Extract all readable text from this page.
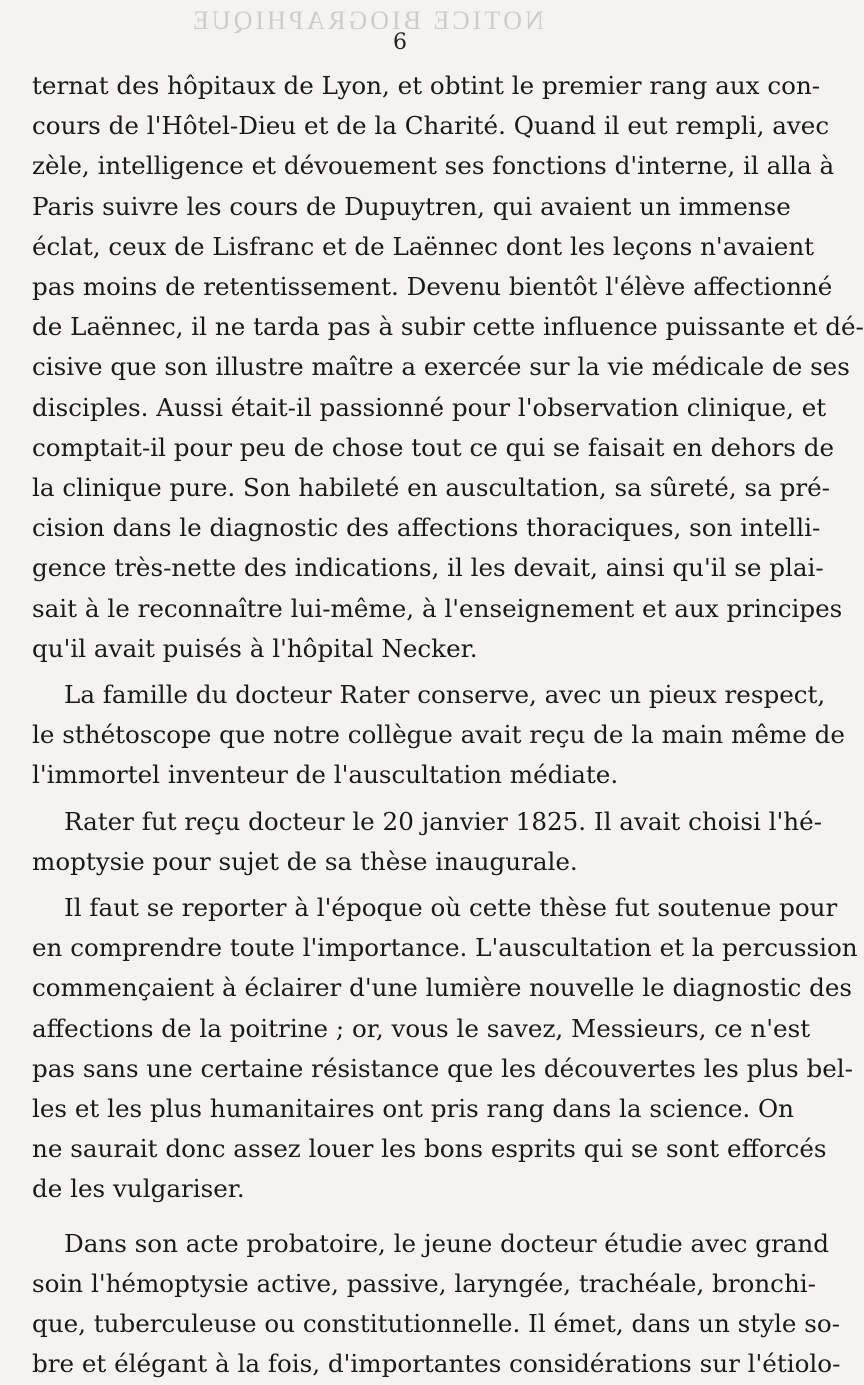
NOTICE BIOGRAPHIQUE
6
ternat des hôpitaux de Lyon, et obtint le premier rang aux con-
cours de l'Hôtel-Dieu et de la Charité. Quand il eut rempli, avec
zèle, intelligence et dévouement ses fonctions d'interne, il alla à
Paris suivre les cours de Dupuytren, qui avaient un immense
éclat, ceux de Lisfranc et de Laënnec dont les leçons n'avaient
pas moins de retentissement. Devenu bientôt l'élève affectionné
de Laënnec, il ne tarda pas à subir cette influence puissante et dé-
cisive que son illustre maître a exercée sur la vie médicale de ses
disciples. Aussi était-il passionné pour l'observation clinique, et
comptait-il pour peu de chose tout ce qui se faisait en dehors de
la clinique pure. Son habileté en auscultation, sa sûreté, sa pré-
cision dans le diagnostic des affections thoraciques, son intelli-
gence très-nette des indications, il les devait, ainsi qu'il se plai-
sait à le reconnaître lui-même, à l'enseignement et aux principes
qu'il avait puisés à l'hôpital Necker.
La famille du docteur Rater conserve, avec un pieux respect,
le sthétoscope que notre collègue avait reçu de la main même de
l'immortel inventeur de l'auscultation médiate.
Rater fut reçu docteur le 20 janvier 1825. Il avait choisi l'hé-
moptysie pour sujet de sa thèse inaugurale.
Il faut se reporter à l'époque où cette thèse fut soutenue pour
en comprendre toute l'importance. L'auscultation et la percussion
commençaient à éclairer d'une lumière nouvelle le diagnostic des
affections de la poitrine ; or, vous le savez, Messieurs, ce n'est
pas sans une certaine résistance que les découvertes les plus bel-
les et les plus humanitaires ont pris rang dans la science. On
ne saurait donc assez louer les bons esprits qui se sont efforcés
de les vulgariser.
Dans son acte probatoire, le jeune docteur étudie avec grand
soin l'hémoptysie active, passive, laryngée, trachéale, bronchi-
que, tuberculeuse ou constitutionnelle. Il émet, dans un style so-
bre et élégant à la fois, d'importantes considérations sur l'étiolo-
